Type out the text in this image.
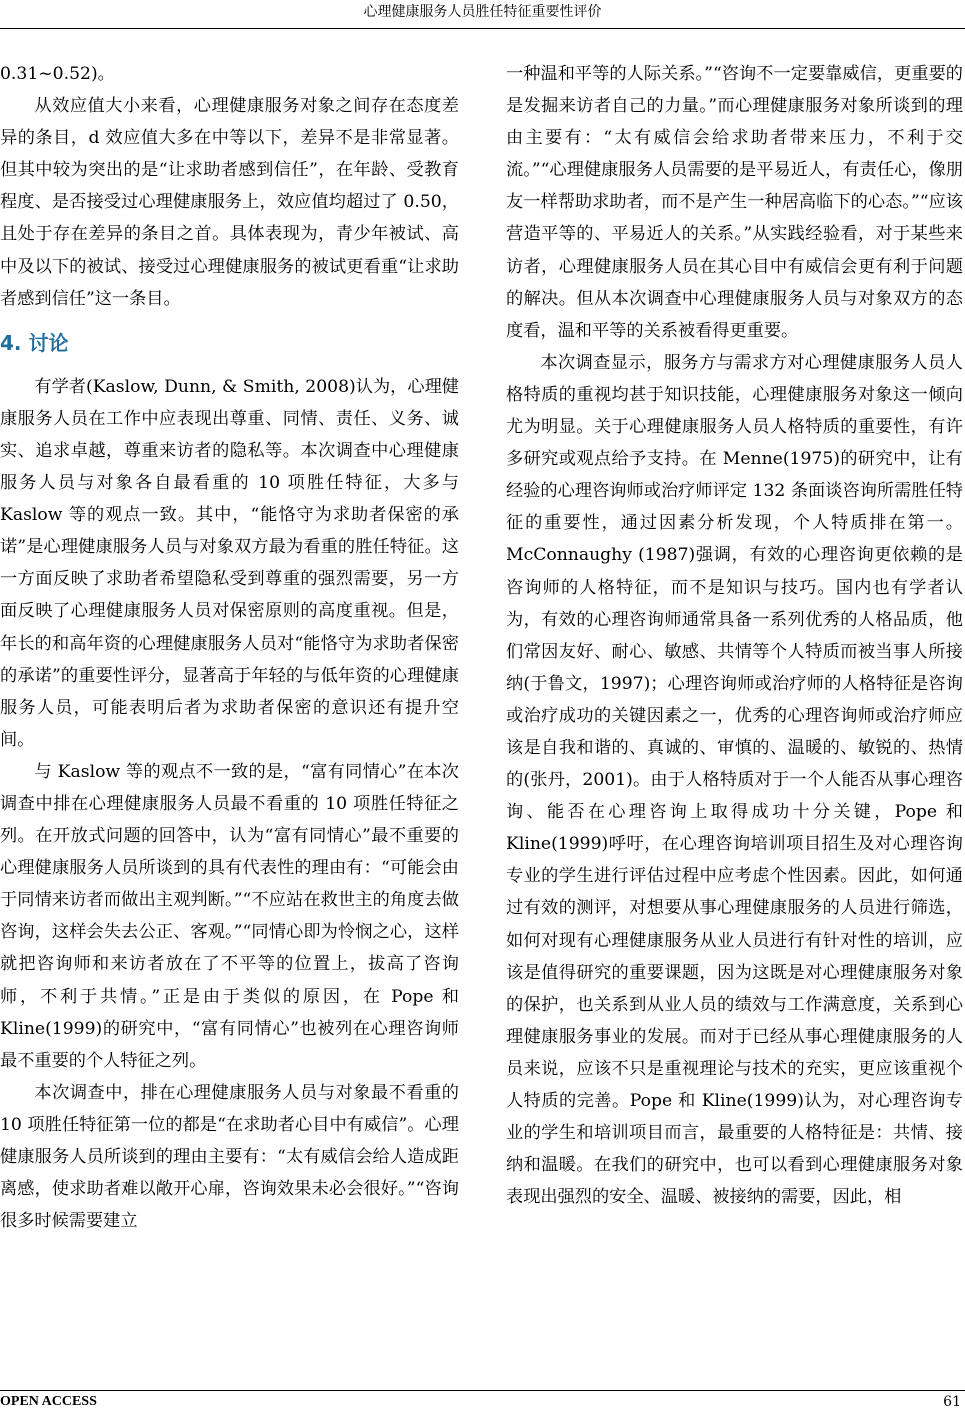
心理健康服务人员胜任特征重要性评价

0.31~0.52)。

从效应值大小来看，心理健康服务对象之间存在态度差异的条目，d 效应值大多在中等以下，差异不是非常显著。但其中较为突出的是“让求助者感到信任”，在年龄、受教育程度、是否接受过心理健康服务上，效应值均超过了 0.50，且处于存在差异的条目之首。具体表现为，青少年被试、高中及以下的被试、接受过心理健康服务的被试更看重“让求助者感到信任”这一条目。

4. 讨论

有学者(Kaslow, Dunn, & Smith, 2008)认为，心理健康服务人员在工作中应表现出尊重、同情、责任、义务、诚实、追求卓越，尊重来访者的隐私等。本次调查中心理健康服务人员与对象各自最看重的 10 项胜任特征，大多与 Kaslow 等的观点一致。其中，“能恪守为求助者保密的承诺”是心理健康服务人员与对象双方最为看重的胜任特征。这一方面反映了求助者希望隐私受到尊重的强烈需要，另一方面反映了心理健康服务人员对保密原则的高度重视。但是，年长的和高年资的心理健康服务人员对“能恪守为求助者保密的承诺”的重要性评分，显著高于年轻的与低年资的心理健康服务人员，可能表明后者为求助者保密的意识还有提升空间。

与 Kaslow 等的观点不一致的是，“富有同情心”在本次调查中排在心理健康服务人员最不看重的 10 项胜任特征之列。在开放式问题的回答中，认为“富有同情心”最不重要的心理健康服务人员所谈到的具有代表性的理由有：“可能会由于同情来访者而做出主观判断。”“不应站在救世主的角度去做咨询，这样会失去公正、客观。”“同情心即为怜悯之心，这样就把咨询师和来访者放在了不平等的位置上，拔高了咨询师，不利于共情。”正是由于类似的原因，在 Pope 和 Kline(1999)的研究中，“富有同情心”也被列在心理咨询师最不重要的个人特征之列。

本次调查中，排在心理健康服务人员与对象最不看重的 10 项胜任特征第一位的都是“在求助者心目中有威信”。心理健康服务人员所谈到的理由主要有：“太有威信会给人造成距离感，使求助者难以敞开心扉，咨询效果未必会很好。”“咨询很多时候需要建立

一种温和平等的人际关系。”“咨询不一定要靠威信，更重要的是发掘来访者自己的力量。”而心理健康服务对象所谈到的理由主要有：“太有威信会给求助者带来压力，不利于交流。”“心理健康服务人员需要的是平易近人，有责任心，像朋友一样帮助求助者，而不是产生一种居高临下的心态。”“应该营造平等的、平易近人的关系。”从实践经验看，对于某些来访者，心理健康服务人员在其心目中有威信会更有利于问题的解决。但从本次调查中心理健康服务人员与对象双方的态度看，温和平等的关系被看得更重要。

本次调查显示，服务方与需求方对心理健康服务人员人格特质的重视均甚于知识技能，心理健康服务对象这一倾向尤为明显。关于心理健康服务人员人格特质的重要性，有许多研究或观点给予支持。在 Menne(1975)的研究中，让有经验的心理咨询师或治疗师评定 132 条面谈咨询所需胜任特征的重要性，通过因素分析发现，个人特质排在第一。McConnaughy (1987)强调，有效的心理咨询更依赖的是咨询师的人格特征，而不是知识与技巧。国内也有学者认为，有效的心理咨询师通常具备一系列优秀的人格品质，他们常因友好、耐心、敏感、共情等个人特质而被当事人所接纳(于鲁文，1997)；心理咨询师或治疗师的人格特征是咨询或治疗成功的关键因素之一，优秀的心理咨询师或治疗师应该是自我和谐的、真诚的、审慎的、温暖的、敏锐的、热情的(张丹，2001)。由于人格特质对于一个人能否从事心理咨询、能否在心理咨询上取得成功十分关键，Pope 和 Kline(1999)呼吁，在心理咨询培训项目招生及对心理咨询专业的学生进行评估过程中应考虑个性因素。因此，如何通过有效的测评，对想要从事心理健康服务的人员进行筛选，如何对现有心理健康服务从业人员进行有针对性的培训，应该是值得研究的重要课题，因为这既是对心理健康服务对象的保护，也关系到从业人员的绩效与工作满意度，关系到心理健康服务事业的发展。而对于已经从事心理健康服务的人员来说，应该不只是重视理论与技术的充实，更应该重视个人特质的完善。Pope 和 Kline(1999)认为，对心理咨询专业的学生和培训项目而言，最重要的人格特征是：共情、接纳和温暖。在我们的研究中，也可以看到心理健康服务对象表现出强烈的安全、温暖、被接纳的需要，因此，相

OPEN ACCESS	61
